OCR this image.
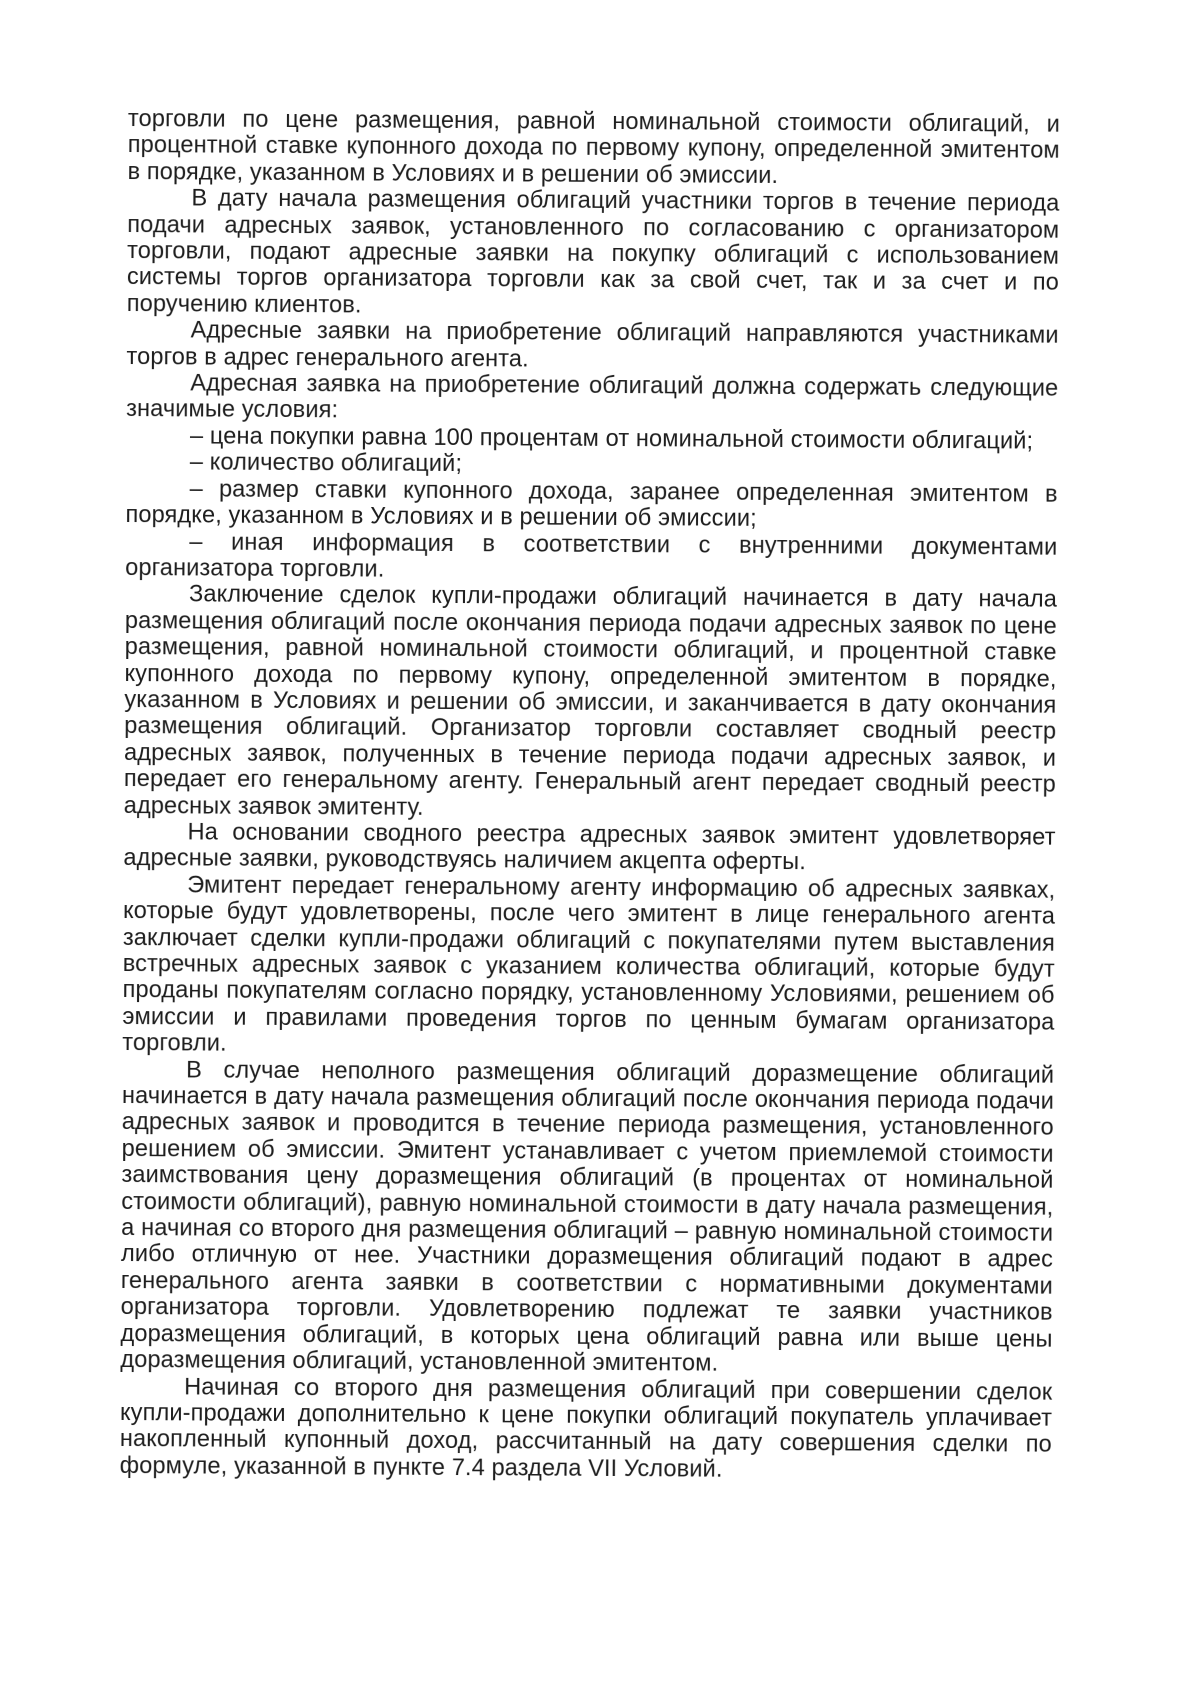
торговли по цене размещения, равной номинальной стоимости облигаций, и процентной ставке купонного дохода по первому купону, определенной эмитентом в порядке, указанном в Условиях и в решении об эмиссии.

В дату начала размещения облигаций участники торгов в течение периода подачи адресных заявок, установленного по согласованию с организатором торговли, подают адресные заявки на покупку облигаций с использованием системы торгов организатора торговли как за свой счет, так и за счет и по поручению клиентов.

Адресные заявки на приобретение облигаций направляются участниками торгов в адрес генерального агента.

Адресная заявка на приобретение облигаций должна содержать следующие значимые условия:

– цена покупки равна 100 процентам от номинальной стоимости облигаций;

– количество облигаций;

– размер ставки купонного дохода, заранее определенная эмитентом в порядке, указанном в Условиях и в решении об эмиссии;

– иная информация в соответствии с внутренними документами организатора торговли.

Заключение сделок купли-продажи облигаций начинается в дату начала размещения облигаций после окончания периода подачи адресных заявок по цене размещения, равной номинальной стоимости облигаций, и процентной ставке купонного дохода по первому купону, определенной эмитентом в порядке, указанном в Условиях и решении об эмиссии, и заканчивается в дату окончания размещения облигаций. Организатор торговли составляет сводный реестр адресных заявок, полученных в течение периода подачи адресных заявок, и передает его генеральному агенту. Генеральный агент передает сводный реестр адресных заявок эмитенту.

На основании сводного реестра адресных заявок эмитент удовлетворяет адресные заявки, руководствуясь наличием акцепта оферты.

Эмитент передает генеральному агенту информацию об адресных заявках, которые будут удовлетворены, после чего эмитент в лице генерального агента заключает сделки купли-продажи облигаций с покупателями путем выставления встречных адресных заявок с указанием количества облигаций, которые будут проданы покупателям согласно порядку, установленному Условиями, решением об эмиссии и правилами проведения торгов по ценным бумагам организатора торговли.

В случае неполного размещения облигаций доразмещение облигаций начинается в дату начала размещения облигаций после окончания периода подачи адресных заявок и проводится в течение периода размещения, установленного решением об эмиссии. Эмитент устанавливает с учетом приемлемой стоимости заимствования цену доразмещения облигаций (в процентах от номинальной стоимости облигаций), равную номинальной стоимости в дату начала размещения, а начиная со второго дня размещения облигаций – равную номинальной стоимости либо отличную от нее. Участники доразмещения облигаций подают в адрес генерального агента заявки в соответствии с нормативными документами организатора торговли. Удовлетворению подлежат те заявки участников доразмещения облигаций, в которых цена облигаций равна или выше цены доразмещения облигаций, установленной эмитентом.

Начиная со второго дня размещения облигаций при совершении сделок купли-продажи дополнительно к цене покупки облигаций покупатель уплачивает накопленный купонный доход, рассчитанный на дату совершения сделки по формуле, указанной в пункте 7.4 раздела VII Условий.
